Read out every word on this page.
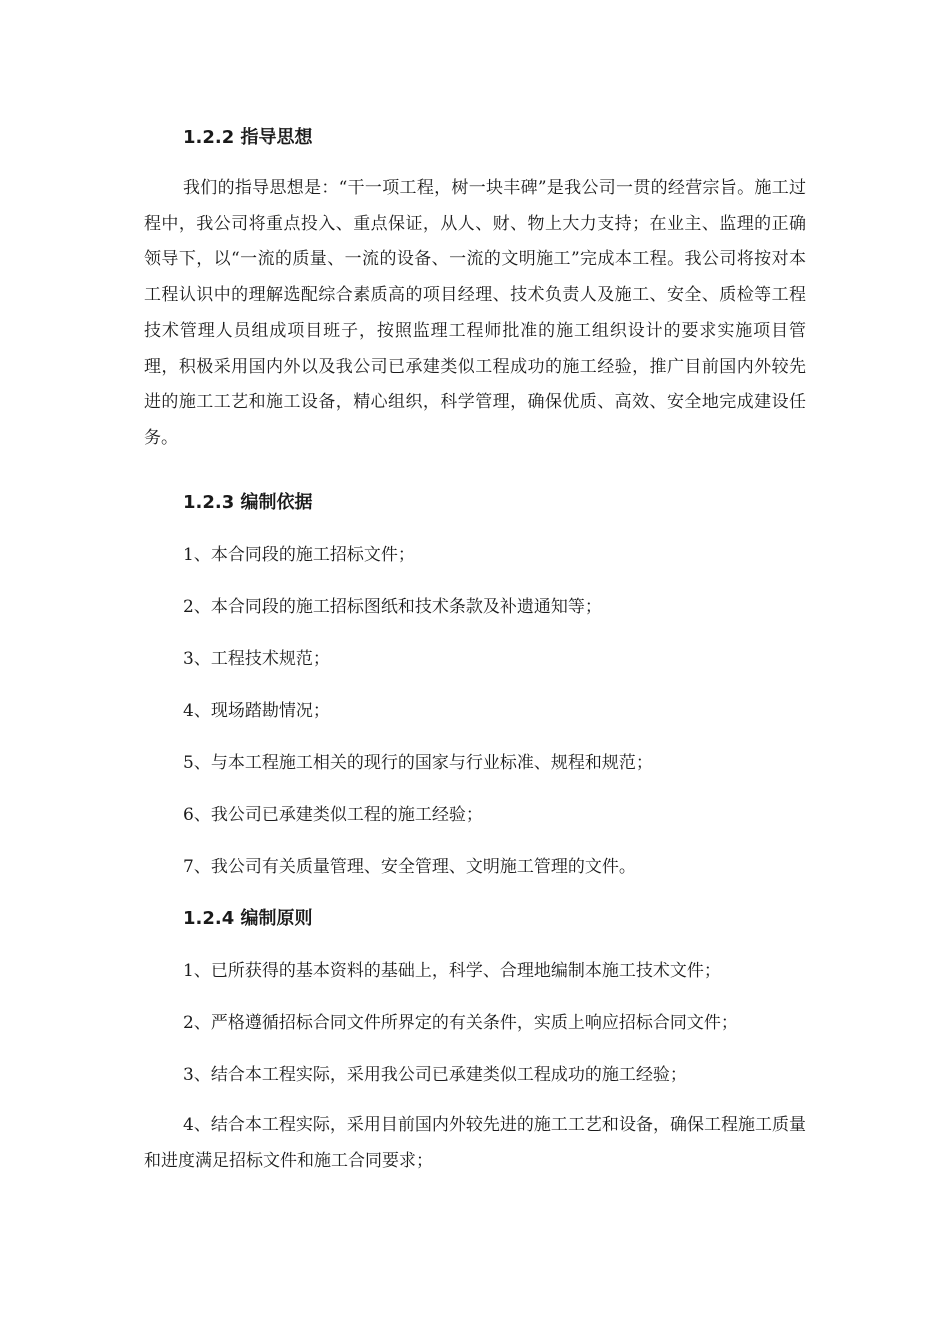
1.2.2 指导思想

我们的指导思想是：“干一项工程，树一块丰碑”是我公司一贯的经营宗旨。施工过程中，我公司将重点投入、重点保证，从人、财、物上大力支持；在业主、监理的正确领导下，以“一流的质量、一流的设备、一流的文明施工”完成本工程。我公司将按对本工程认识中的理解选配综合素质高的项目经理、技术负责人及施工、安全、质检等工程技术管理人员组成项目班子，按照监理工程师批准的施工组织设计的要求实施项目管理，积极采用国内外以及我公司已承建类似工程成功的施工经验，推广目前国内外较先进的施工工艺和施工设备，精心组织，科学管理，确保优质、高效、安全地完成建设任务。

1.2.3 编制依据

1、本合同段的施工招标文件；

2、本合同段的施工招标图纸和技术条款及补遗通知等；

3、工程技术规范；

4、现场踏勘情况；

5、与本工程施工相关的现行的国家与行业标准、规程和规范；

6、我公司已承建类似工程的施工经验；

7、我公司有关质量管理、安全管理、文明施工管理的文件。

1.2.4 编制原则

1、已所获得的基本资料的基础上，科学、合理地编制本施工技术文件；

2、严格遵循招标合同文件所界定的有关条件，实质上响应招标合同文件；

3、结合本工程实际，采用我公司已承建类似工程成功的施工经验；

4、结合本工程实际，采用目前国内外较先进的施工工艺和设备，确保工程施工质量和进度满足招标文件和施工合同要求；
